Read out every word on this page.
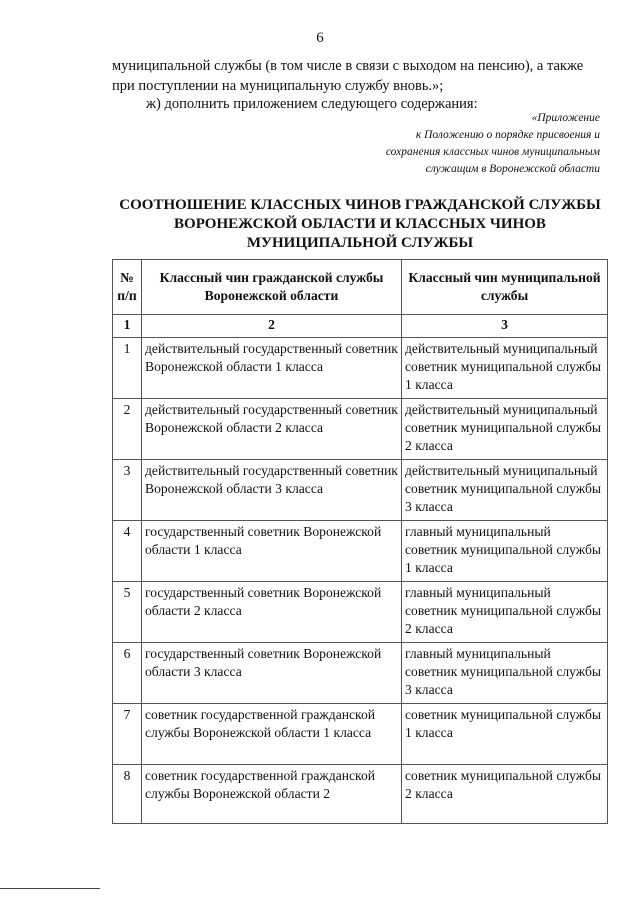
6
муниципальной службы (в том числе в связи с выходом на пенсию), а также при поступлении на муниципальную службу вновь.»;
ж) дополнить приложением следующего содержания:
«Приложение
к Положению о порядке присвоения и
сохранения классных чинов муниципальным
служащим в Воронежской области
СООТНОШЕНИЕ КЛАССНЫХ ЧИНОВ ГРАЖДАНСКОЙ СЛУЖБЫ
ВОРОНЕЖСКОЙ ОБЛАСТИ И КЛАССНЫХ ЧИНОВ
МУНИЦИПАЛЬНОЙ СЛУЖБЫ
№ п/п	Классный чин гражданской службы Воронежской области	Классный чин муниципальной службы
1	2	3
1	действительный государственный советник Воронежской области 1 класса	действительный муниципальный советник муниципальной службы 1 класса
2	действительный государственный советник Воронежской области 2 класса	действительный муниципальный советник муниципальной службы 2 класса
3	действительный государственный советник Воронежской области 3 класса	действительный муниципальный советник муниципальной службы 3 класса
4	государственный советник Воронежской области 1 класса	главный муниципальный советник муниципальной службы 1 класса
5	государственный советник Воронежской области 2 класса	главный муниципальный советник муниципальной службы 2 класса
6	государственный советник Воронежской области 3 класса	главный муниципальный советник муниципальной службы 3 класса
7	советник государственной гражданской службы Воронежской области 1 класса	советник муниципальной службы 1 класса
8	советник государственной гражданской службы Воронежской области 2	советник муниципальной службы 2 класса
